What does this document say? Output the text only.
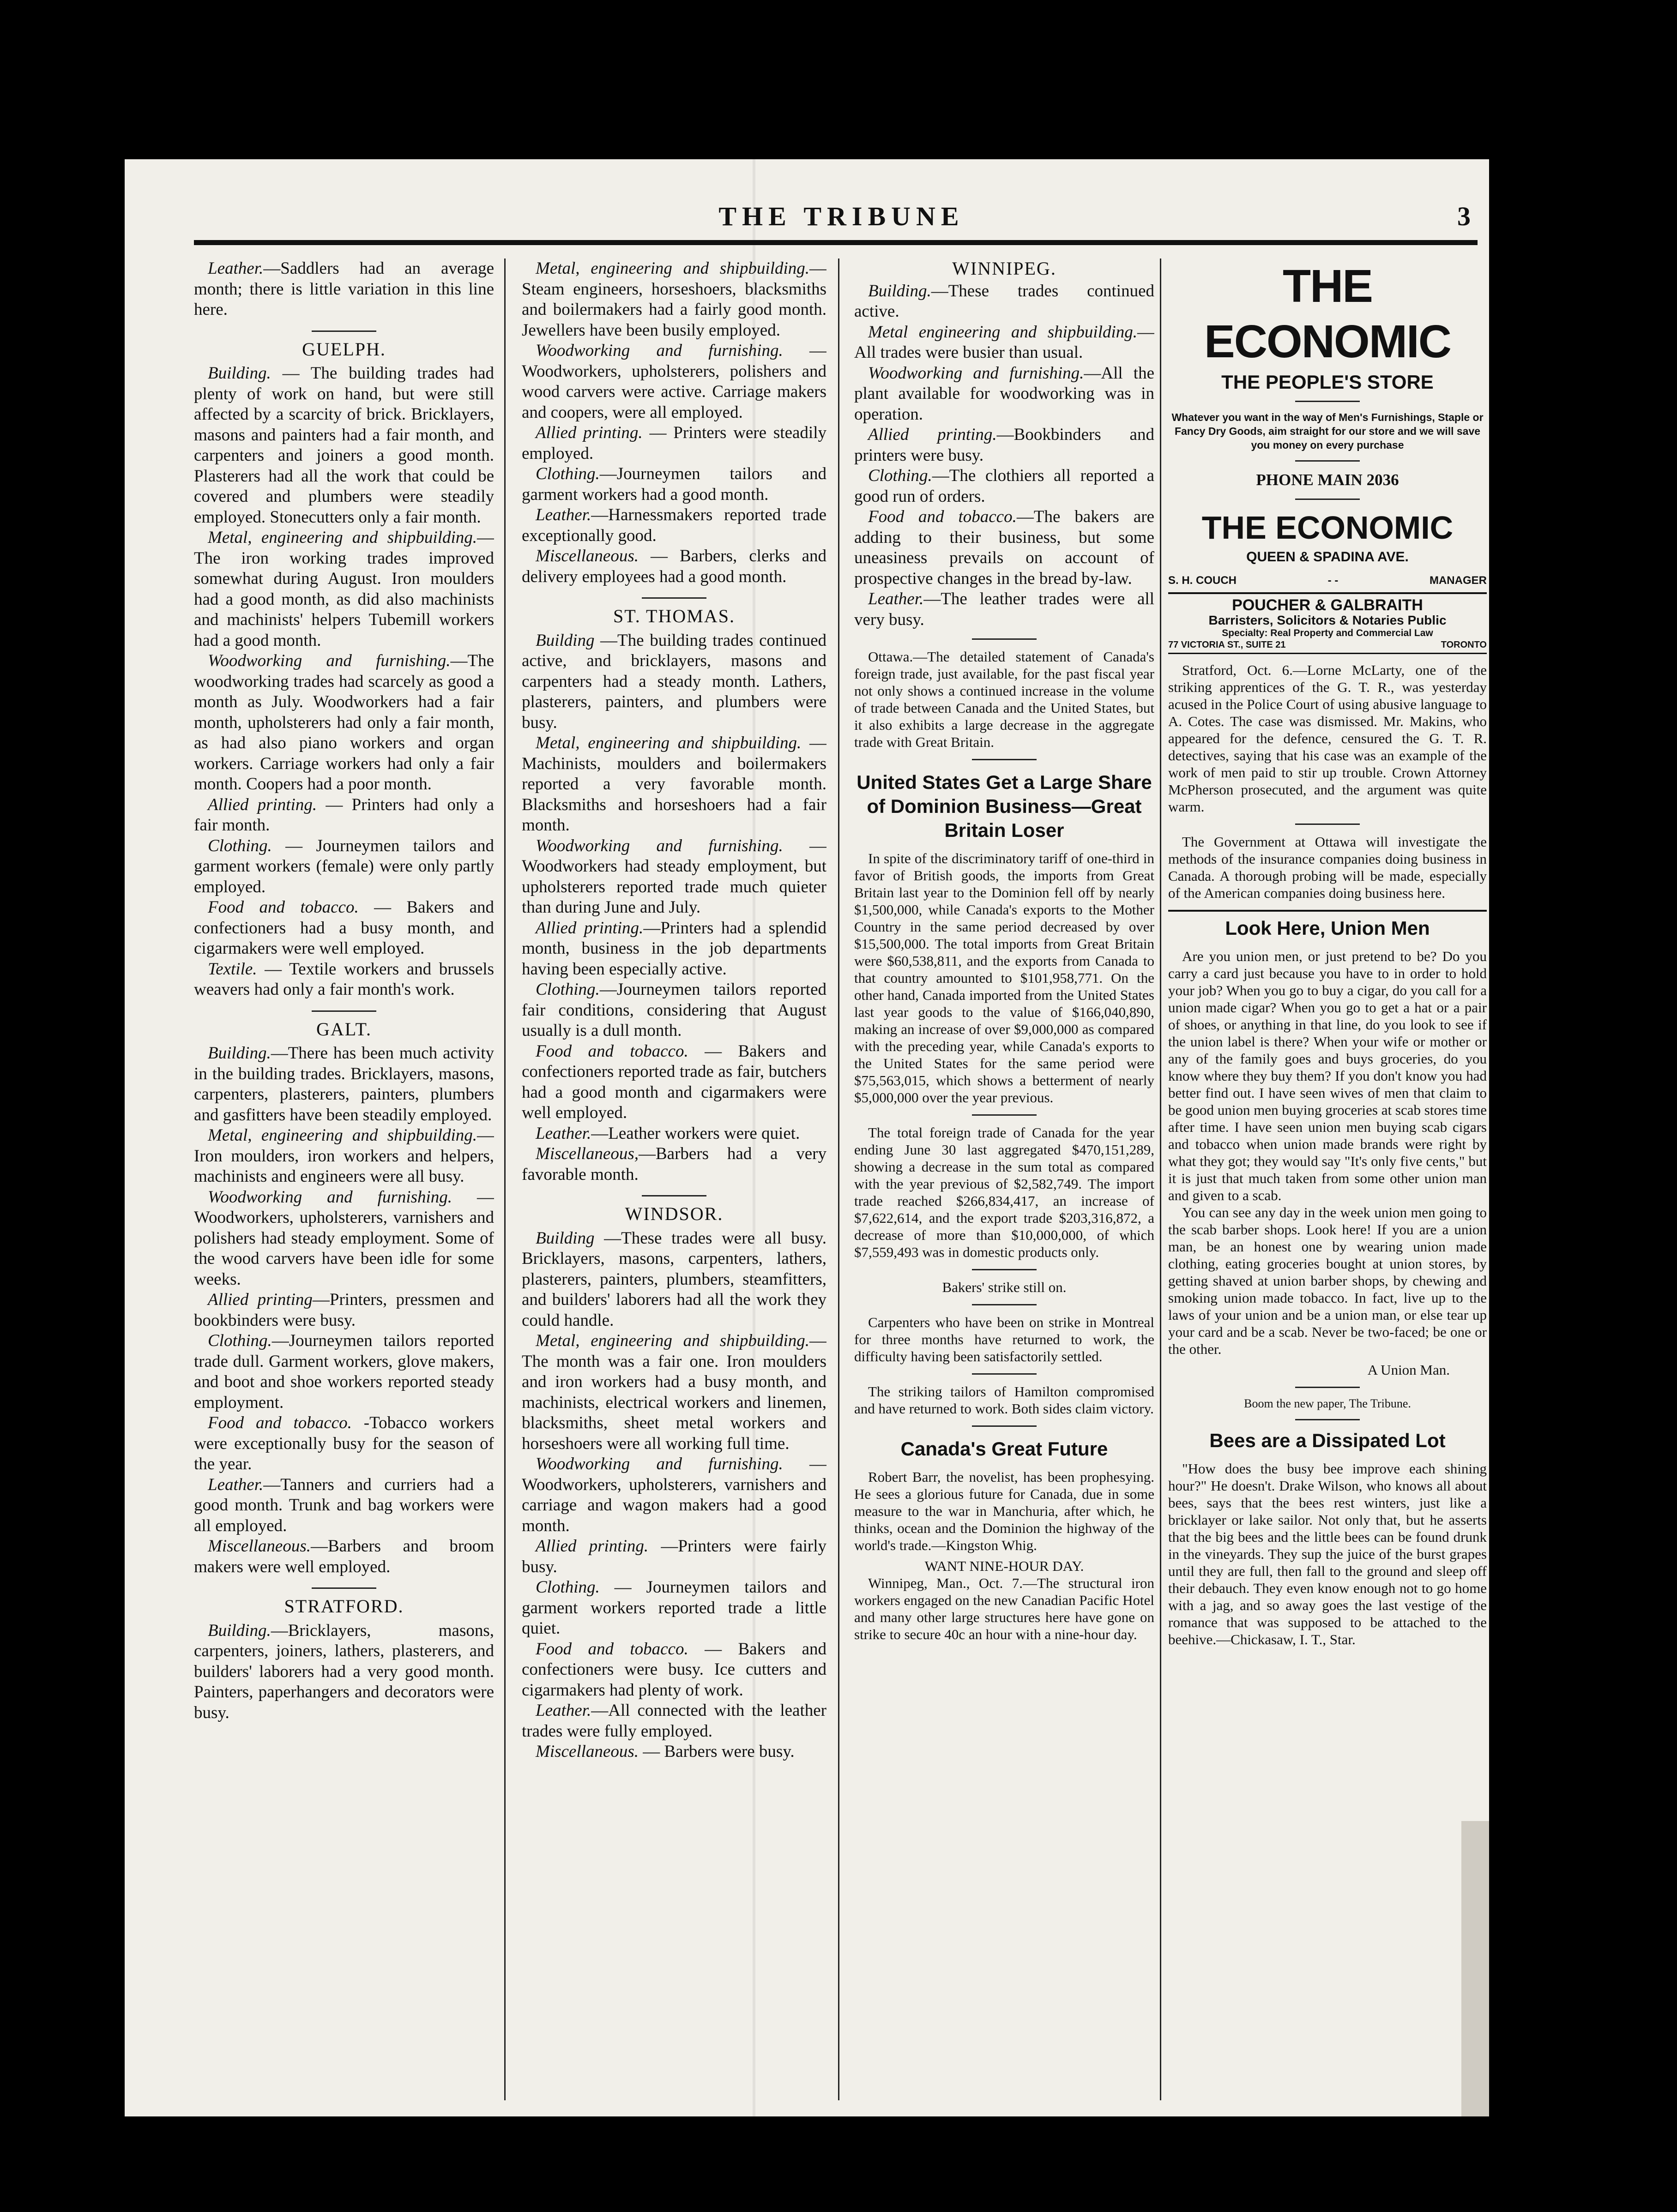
THE TRIBUNE	3

Leather.—Saddlers had an average month; there is little variation in this line here.

GUELPH.

Building. — The building trades had plenty of work on hand, but were still affected by a scarcity of brick. Bricklayers, masons and painters had a fair month, and carpenters and joiners a good month. Plasterers had all the work that could be covered and plumbers were steadily employed. Stonecutters only a fair month.

Metal, engineering and shipbuilding.—The iron working trades improved somewhat during August. Iron moulders had a good month, as did also machinists and machinists' helpers Tubemill workers had a good month.

Woodworking and furnishing.—The woodworking trades had scarcely as good a month as July. Woodworkers had a fair month, upholsterers had only a fair month, as had also piano workers and organ workers. Carriage workers had only a fair month. Coopers had a poor month.

Allied printing. — Printers had only a fair month.

Clothing. — Journeymen tailors and garment workers (female) were only partly employed.

Food and tobacco. — Bakers and confectioners had a busy month, and cigarmakers were well employed.

Textile. — Textile workers and brussels weavers had only a fair month's work.

GALT.

Building.—There has been much activity in the building trades. Bricklayers, masons, carpenters, plasterers, painters, plumbers and gasfitters have been steadily employed.

Metal, engineering and shipbuilding.—Iron moulders, iron workers and helpers, machinists and engineers were all busy.

Woodworking and furnishing. — Woodworkers, upholsterers, varnishers and polishers had steady employment. Some of the wood carvers have been idle for some weeks.

Allied printing—Printers, pressmen and bookbinders were busy.

Clothing.—Journeymen tailors reported trade dull. Garment workers, glove makers, and boot and shoe workers reported steady employment.

Food and tobacco. -Tobacco workers were exceptionally busy for the season of the year.

Leather.—Tanners and curriers had a good month. Trunk and bag workers were all employed.

Miscellaneous.—Barbers and broom makers were well employed.

STRATFORD.

Building.—Bricklayers, masons, carpenters, joiners, lathers, plasterers, and builders' laborers had a very good month. Painters, paperhangers and decorators were busy.

Metal, engineering and shipbuilding.—Steam engineers, horseshoers, blacksmiths and boilermakers had a fairly good month. Jewellers have been busily employed.

Woodworking and furnishing. — Woodworkers, upholsterers, polishers and wood carvers were active. Carriage makers and coopers, were all employed.

Allied printing. — Printers were steadily employed.

Clothing.—Journeymen tailors and garment workers had a good month.

Leather.—Harnessmakers reported trade exceptionally good.

Miscellaneous. — Barbers, clerks and delivery employees had a good month.

ST. THOMAS.

Building —The building trades continued active, and bricklayers, masons and carpenters had a steady month. Lathers, plasterers, painters, and plumbers were busy.

Metal, engineering and shipbuilding. — Machinists, moulders and boilermakers reported a very favorable month. Blacksmiths and horseshoers had a fair month.

Woodworking and furnishing. — Woodworkers had steady employment, but upholsterers reported trade much quieter than during June and July.

Allied printing.—Printers had a splendid month, business in the job departments having been especially active.

Clothing.—Journeymen tailors reported fair conditions, considering that August usually is a dull month.

Food and tobacco. — Bakers and confectioners reported trade as fair, butchers had a good month and cigarmakers were well employed.

Leather.—Leather workers were quiet.

Miscellaneous,—Barbers had a very favorable month.

WINDSOR.

Building —These trades were all busy. Bricklayers, masons, carpenters, lathers, plasterers, painters, plumbers, steamfitters, and builders' laborers had all the work they could handle.

Metal, engineering and shipbuilding.—The month was a fair one. Iron moulders and iron workers had a busy month, and machinists, electrical workers and linemen, blacksmiths, sheet metal workers and horseshoers were all working full time.

Woodworking and furnishing. — Woodworkers, upholsterers, varnishers and carriage and wagon makers had a good month.

Allied printing. —Printers were fairly busy.

Clothing. — Journeymen tailors and garment workers reported trade a little quiet.

Food and tobacco. — Bakers and confectioners were busy. Ice cutters and cigarmakers had plenty of work.

Leather.—All connected with the leather trades were fully employed.

Miscellaneous. — Barbers were busy.

WINNIPEG.

Building.—These trades continued active.

Metal engineering and shipbuilding.—All trades were busier than usual.

Woodworking and furnishing.—All the plant available for woodworking was in operation.

Allied printing.—Bookbinders and printers were busy.

Clothing.—The clothiers all reported a good run of orders.

Food and tobacco.—The bakers are adding to their business, but some uneasiness prevails on account of prospective changes in the bread by-law.

Leather.—The leather trades were all very busy.

Ottawa.—The detailed statement of Canada's foreign trade, just available, for the past fiscal year not only shows a continued increase in the volume of trade between Canada and the United States, but it also exhibits a large decrease in the aggregate trade with Great Britain.

United States Get a Large Share of Dominion Business—Great Britain Loser

In spite of the discriminatory tariff of one-third in favor of British goods, the imports from Great Britain last year to the Dominion fell off by nearly $1,500,000, while Canada's exports to the Mother Country in the same period decreased by over $15,500,000. The total imports from Great Britain were $60,538,811, and the exports from Canada to that country amounted to $101,958,771. On the other hand, Canada imported from the United States last year goods to the value of $166,040,890, making an increase of over $9,000,000 as compared with the preceding year, while Canada's exports to the United States for the same period were $75,563,015, which shows a betterment of nearly $5,000,000 over the year previous.

The total foreign trade of Canada for the year ending June 30 last aggregated $470,151,289, showing a decrease in the sum total as compared with the year previous of $2,582,749. The import trade reached $266,834,417, an increase of $7,622,614, and the export trade $203,316,872, a decrease of more than $10,000,000, of which $7,559,493 was in domestic products only.

Bakers' strike still on.

Carpenters who have been on strike in Montreal for three months have returned to work, the difficulty having been satisfactorily settled.

The striking tailors of Hamilton compromised and have returned to work. Both sides claim victory.

Canada's Great Future

Robert Barr, the novelist, has been prophesying. He sees a glorious future for Canada, due in some measure to the war in Manchuria, after which, he thinks, ocean and the Dominion the highway of the world's trade.—Kingston Whig.

WANT NINE-HOUR DAY.

Winnipeg, Man., Oct. 7.—The structural iron workers engaged on the new Canadian Pacific Hotel and many other large structures here have gone on strike to secure 40c an hour with a nine-hour day.

THE ECONOMIC
THE PEOPLE'S STORE
Whatever you want in the way of Men's Furnishings, Staple or Fancy Dry Goods, aim straight for our store and we will save you money on every purchase
PHONE MAIN 2036
THE ECONOMIC
QUEEN & SPADINA AVE.
S. H. COUCH	- -	MANAGER
POUCHER & GALBRAITH
Barristers, Solicitors & Notaries Public
Specialty: Real Property and Commercial Law
77 VICTORIA ST., SUITE 21	TORONTO

Stratford, Oct. 6.—Lorne McLarty, one of the striking apprentices of the G. T. R., was yesterday acused in the Police Court of using abusive language to A. Cotes. The case was dismissed. Mr. Makins, who appeared for the defence, censured the G. T. R. detectives, saying that his case was an example of the work of men paid to stir up trouble. Crown Attorney McPherson prosecuted, and the argument was quite warm.

The Government at Ottawa will investigate the methods of the insurance companies doing business in Canada. A thorough probing will be made, especially of the American companies doing business here.

Look Here, Union Men

Are you union men, or just pretend to be? Do you carry a card just because you have to in order to hold your job? When you go to buy a cigar, do you call for a union made cigar? When you go to get a hat or a pair of shoes, or anything in that line, do you look to see if the union label is there? When your wife or mother or any of the family goes and buys groceries, do you know where they buy them? If you don't know you had better find out. I have seen wives of men that claim to be good union men buying groceries at scab stores time after time. I have seen union men buying scab cigars and tobacco when union made brands were right by what they got; they would say "It's only five cents," but it is just that much taken from some other union man and given to a scab.

You can see any day in the week union men going to the scab barber shops. Look here! If you are a union man, be an honest one by wearing union made clothing, eating groceries bought at union stores, by getting shaved at union barber shops, by chewing and smoking union made tobacco. In fact, live up to the laws of your union and be a union man, or else tear up your card and be a scab. Never be two-faced; be one or the other.

A Union Man.
Boom the new paper, The Tribune.
Bees are a Dissipated Lot

"How does the busy bee improve each shining hour?" He doesn't. Drake Wilson, who knows all about bees, says that the bees rest winters, just like a bricklayer or lake sailor. Not only that, but he asserts that the big bees and the little bees can be found drunk in the vineyards. They sup the juice of the burst grapes until they are full, then fall to the ground and sleep off their debauch. They even know enough not to go home with a jag, and so away goes the last vestige of the romance that was supposed to be attached to the beehive.—Chickasaw, I. T., Star.
